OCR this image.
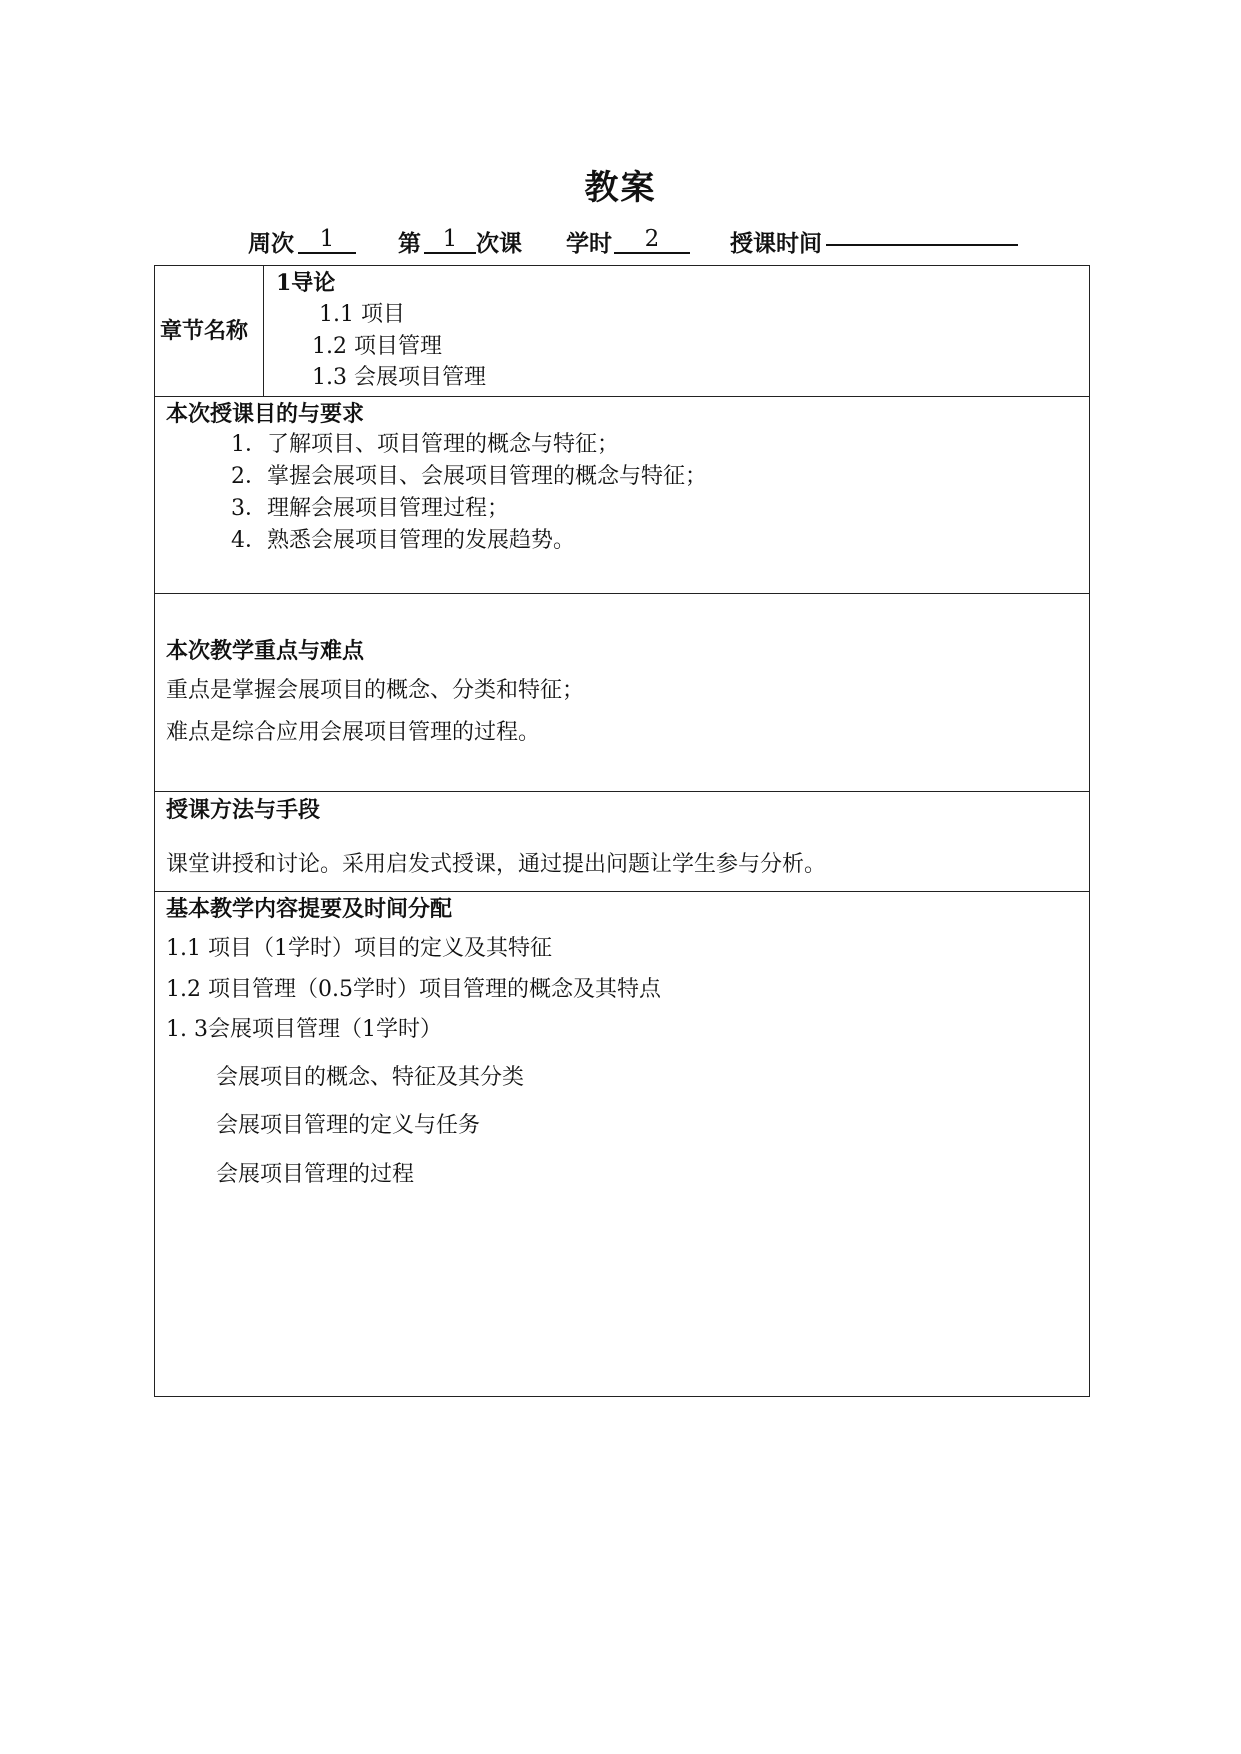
教案
周次	1	第 1 次课 学时	2	授课时间
章节名称
1导论
1.1 项目
1.2 项目管理
1.3 会展项目管理
本次授课目的与要求
1．了解项目、项目管理的概念与特征；
2．掌握会展项目、会展项目管理的概念与特征；
3．理解会展项目管理过程；
4．熟悉会展项目管理的发展趋势。
本次教学重点与难点
重点是掌握会展项目的概念、分类和特征；
难点是综合应用会展项目管理的过程。
授课方法与手段
课堂讲授和讨论。采用启发式授课，通过提出问题让学生参与分析。
基本教学内容提要及时间分配
1.1 项目（1学时）项目的定义及其特征
1.2 项目管理（0.5学时）项目管理的概念及其特点
1. 3会展项目管理（1学时）
会展项目的概念、特征及其分类
会展项目管理的定义与任务
会展项目管理的过程
